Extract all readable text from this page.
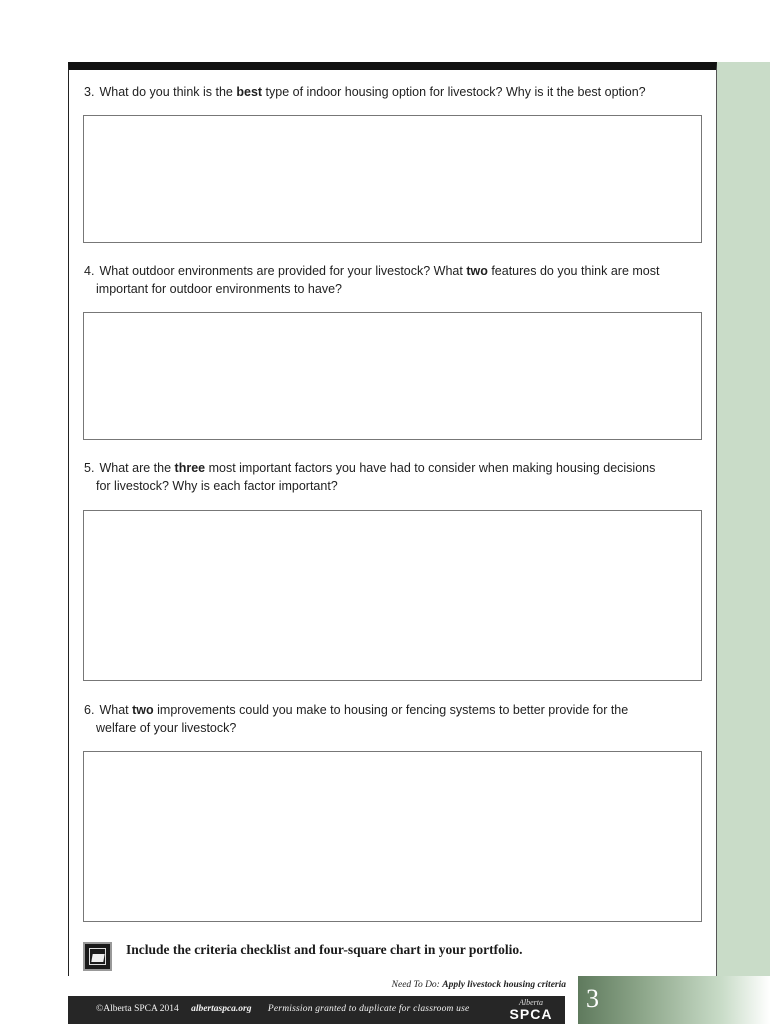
3. What do you think is the best type of indoor housing option for livestock? Why is it the best option?
4. What outdoor environments are provided for your livestock? What two features do you think are most
important for outdoor environments to have?
5. What are the three most important factors you have had to consider when making housing decisions
for livestock? Why is each factor important?
6. What two improvements could you make to housing or fencing systems to better provide for the
welfare of your livestock?
Include the criteria checklist and four-square chart in your portfolio.
Need To Do: Apply livestock housing criteria
©Alberta SPCA 2014 albertaspca.org Permission granted to duplicate for classroom use
Alberta
SPCA
3
